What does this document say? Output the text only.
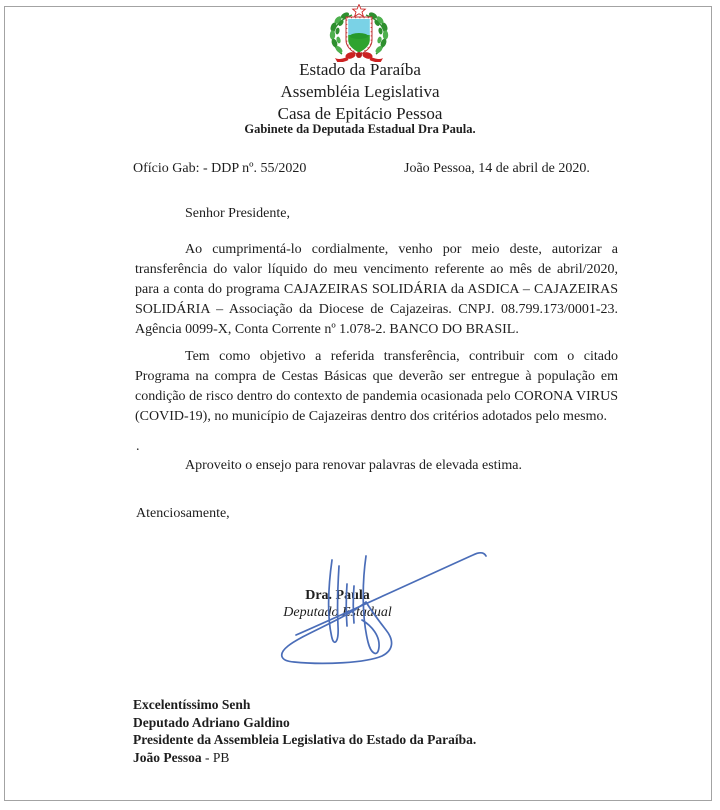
Estado da Paraíba
Assembléia Legislativa
Casa de Epitácio Pessoa
Gabinete da Deputada Estadual Dra Paula.
Ofício Gab: - DDP nº. 55/2020	João Pessoa, 14 de abril de 2020.
Senhor Presidente,
Ao cumprimentá-lo cordialmente, venho por meio deste, autorizar a transferência do valor líquido do meu vencimento referente ao mês de abril/2020, para a conta do programa CAJAZEIRAS SOLIDÁRIA da ASDICA – CAJAZEIRAS SOLIDÁRIA – Associação da Diocese de Cajazeiras. CNPJ. 08.799.173/0001-23. Agência 0099-X, Conta Corrente nº 1.078-2. BANCO DO BRASIL.
Tem como objetivo a referida transferência, contribuir com o citado Programa na compra de Cestas Básicas que deverão ser entregue à população em condição de risco dentro do contexto de pandemia ocasionada pelo CORONA VIRUS (COVID-19), no município de Cajazeiras dentro dos critérios adotados pelo mesmo.
.
Aproveito o ensejo para renovar palavras de elevada estima.
Atenciosamente,
Dra. Paula
Deputado Estadual
Excelentíssimo Senh
Deputado Adriano Galdino
Presidente da Assembleia Legislativa do Estado da Paraíba.
João Pessoa - PB
